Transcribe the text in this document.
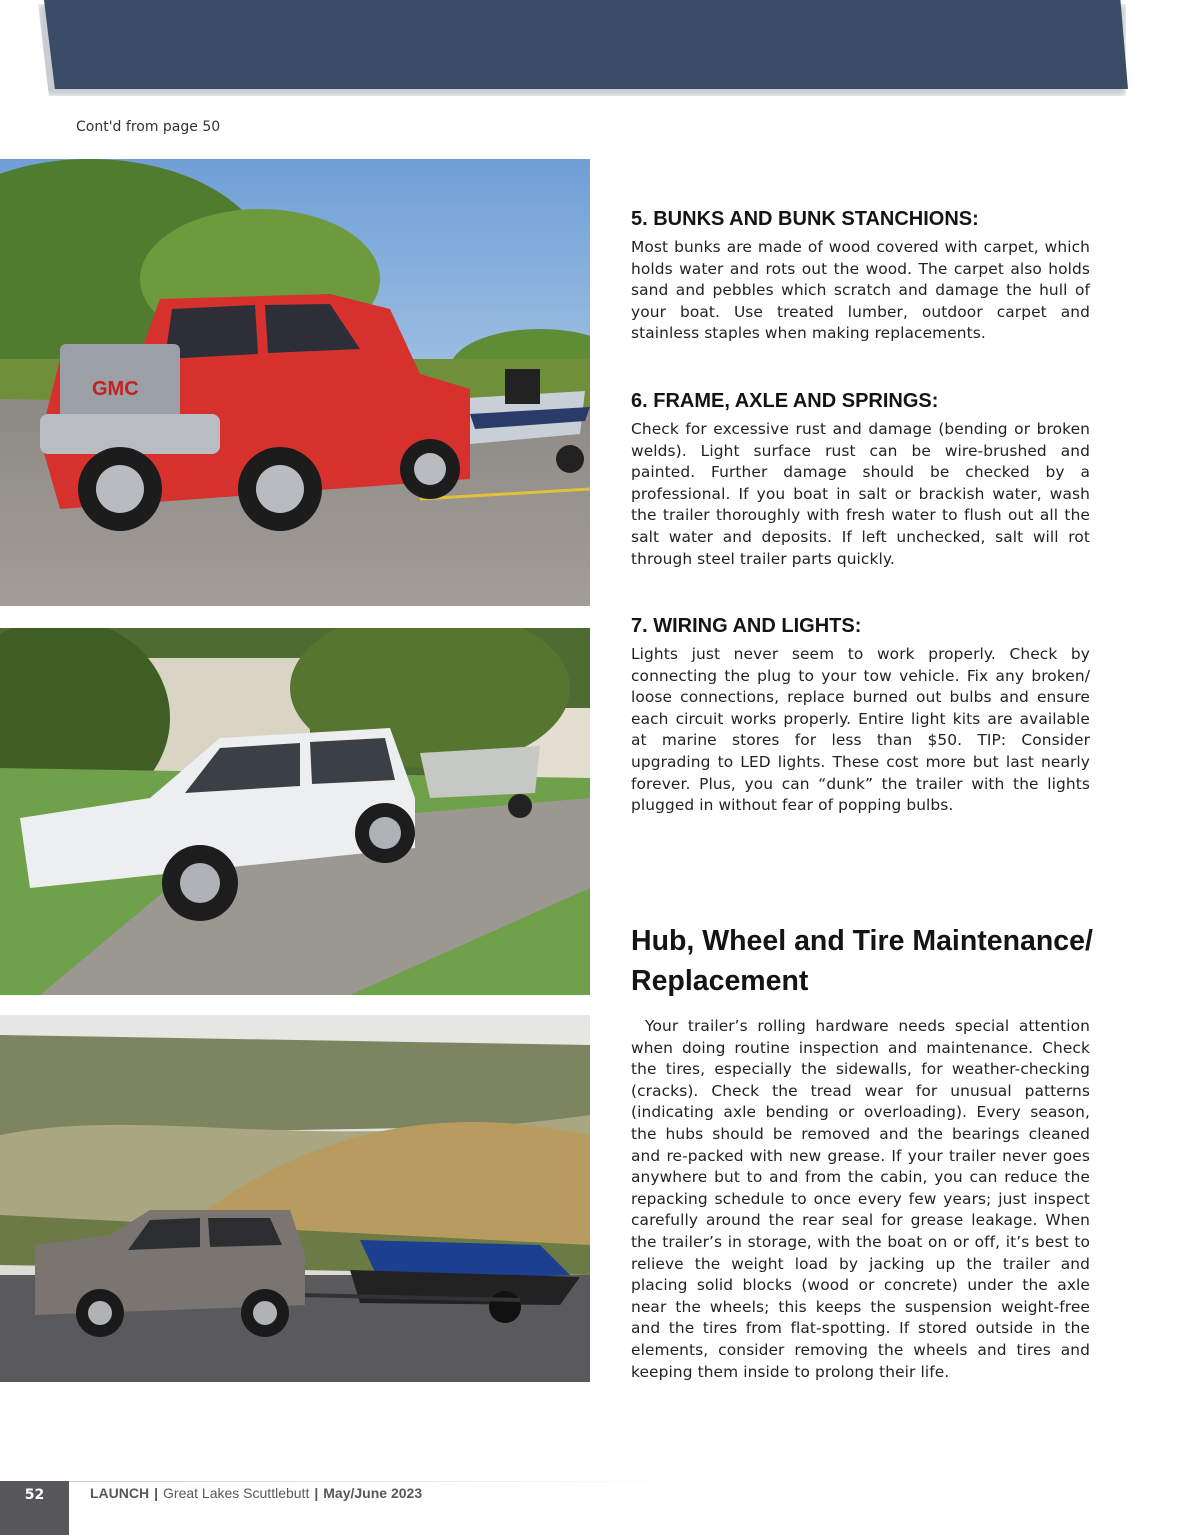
Cont'd from page 50
GMC
5. BUNKS AND BUNK STANCHIONS:

Most bunks are made of wood covered with carpet, which holds water and rots out the wood. The carpet also holds sand and pebbles which scratch and damage the hull of your boat. Use treated lumber, outdoor carpet and stainless staples when making replacements.

6. FRAME, AXLE AND SPRINGS:

Check for excessive rust and damage (bending or broken welds). Light surface rust can be wire-brushed and painted. Further damage should be checked by a professional. If you boat in salt or brackish water, wash the trailer thoroughly with fresh water to flush out all the salt water and deposits. If left unchecked, salt will rot through steel trailer parts quickly.

7. WIRING AND LIGHTS:

Lights just never seem to work properly. Check by connecting the plug to your tow vehicle. Fix any broken/ loose connections, replace burned out bulbs and ensure each circuit works properly. Entire light kits are available at marine stores for less than $50. TIP: Consider upgrading to LED lights. These cost more but last nearly forever. Plus, you can “dunk” the trailer with the lights plugged in without fear of popping bulbs.

Hub, Wheel and Tire Maintenance/ Replacement

Your trailer’s rolling hardware needs special attention when doing routine inspection and maintenance. Check the tires, especially the sidewalls, for weather-checking (cracks). Check the tread wear for unusual patterns (indicating axle bending or overloading). Every season, the hubs should be removed and the bearings cleaned and re-packed with new grease. If your trailer never goes anywhere but to and from the cabin, you can reduce the repacking schedule to once every few years; just inspect carefully around the rear seal for grease leakage. When the trailer’s in storage, with the boat on or off, it’s best to relieve the weight load by jacking up the trailer and placing solid blocks (wood or concrete) under the axle near the wheels; this keeps the suspension weight-free and the tires from flat-spotting. If stored outside in the elements, consider removing the wheels and tires and keeping them inside to prolong their life.

52	LAUNCH | Great Lakes Scuttlebutt | May/June 2023
